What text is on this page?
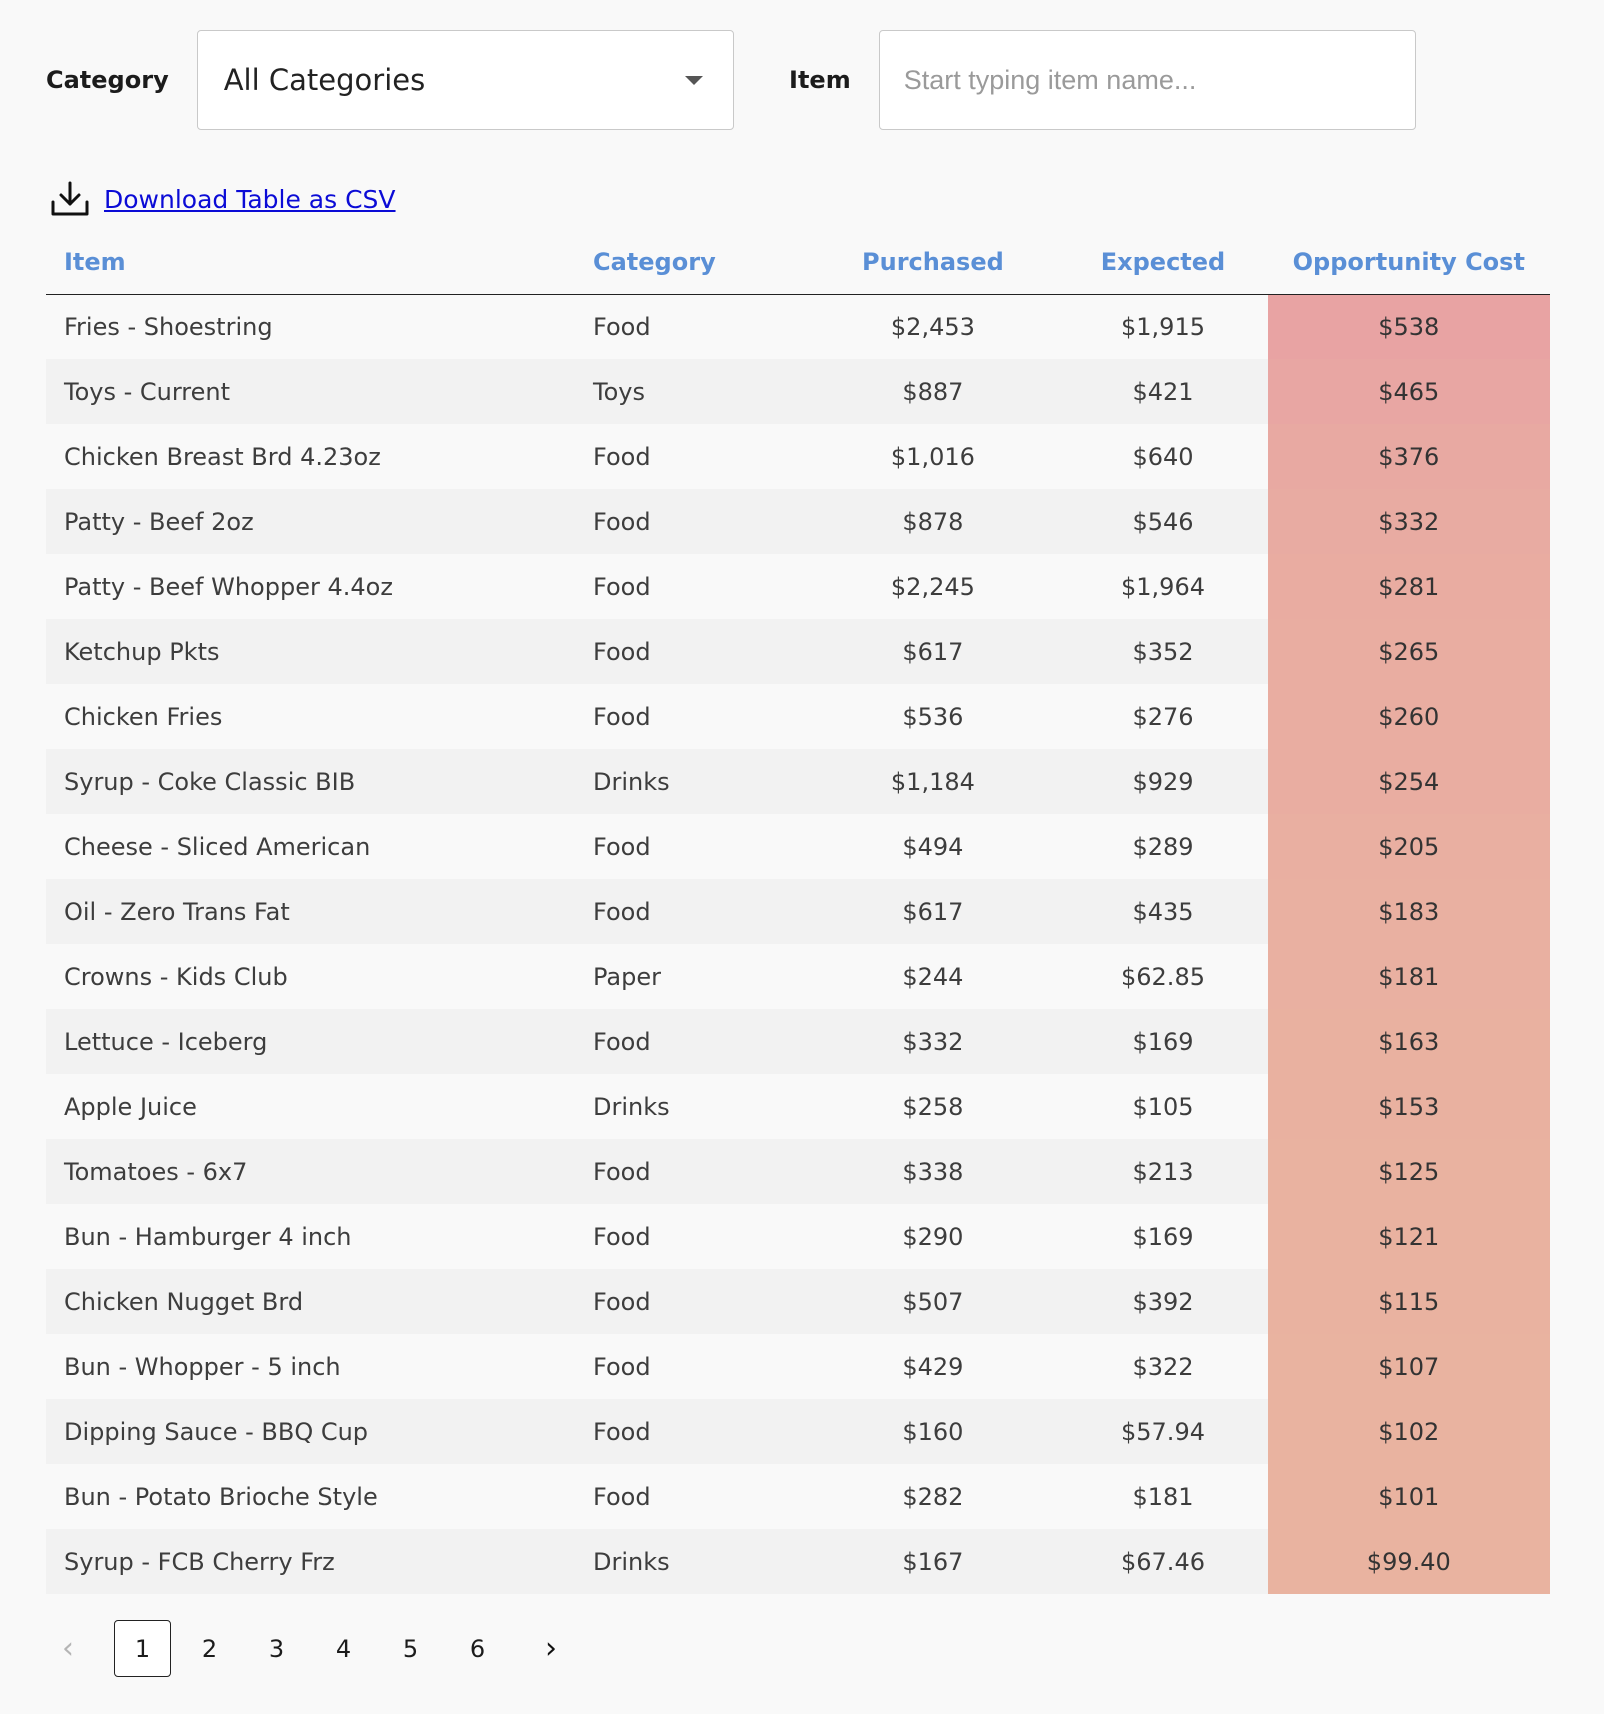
Category All Categories	Item
Start typing item name...
Download Table as CSV
Item	Category	Purchased	Expected	Opportunity Cost
Fries - Shoestring	Food	$2,453	$1,915	$538
Toys - Current	Toys	$887	$421	$465
Chicken Breast Brd 4.23oz	Food	$1,016	$640	$376
Patty - Beef 2oz	Food	$878	$546	$332
Patty - Beef Whopper 4.4oz	Food	$2,245	$1,964	$281
Ketchup Pkts	Food	$617	$352	$265
Chicken Fries	Food	$536	$276	$260
Syrup - Coke Classic BIB	Drinks	$1,184	$929	$254
Cheese - Sliced American	Food	$494	$289	$205
Oil - Zero Trans Fat	Food	$617	$435	$183
Crowns - Kids Club	Paper	$244	$62.85	$181
Lettuce - Iceberg	Food	$332	$169	$163
Apple Juice	Drinks	$258	$105	$153
Tomatoes - 6x7	Food	$338	$213	$125
Bun - Hamburger 4 inch	Food	$290	$169	$121
Chicken Nugget Brd	Food	$507	$392	$115
Bun - Whopper - 5 inch	Food	$429	$322	$107
Dipping Sauce - BBQ Cup	Food	$160	$57.94	$102
Bun - Potato Brioche Style	Food	$282	$181	$101
Syrup - FCB Cherry Frz	Drinks	$167	$67.46	$99.40
‹	1	2	3	4	5	6	›
